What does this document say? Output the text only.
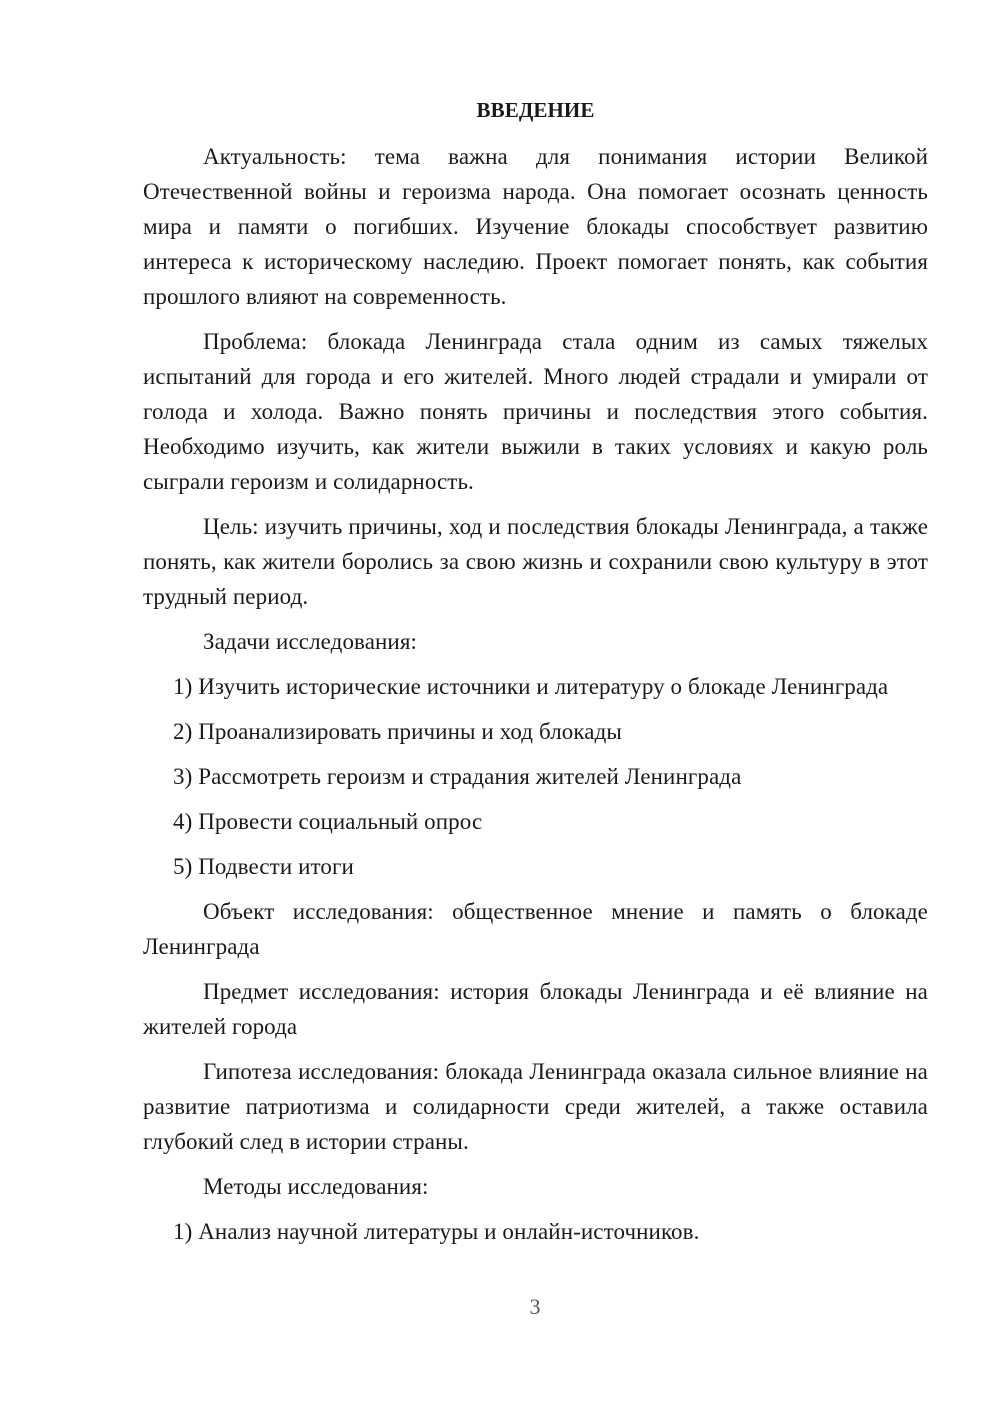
ВВЕДЕНИЕ

Актуальность: тема важна для понимания истории Великой Отечественной войны и героизма народа. Она помогает осознать ценность мира и памяти о погибших. Изучение блокады способствует развитию интереса к историческому наследию. Проект помогает понять, как события прошлого влияют на современность.

Проблема: блокада Ленинграда стала одним из самых тяжелых испытаний для города и его жителей. Много людей страдали и умирали от голода и холода. Важно понять причины и последствия этого события. Необходимо изучить, как жители выжили в таких условиях и какую роль сыграли героизм и солидарность.

Цель: изучить причины, ход и последствия блокады Ленинграда, а также понять, как жители боролись за свою жизнь и сохранили свою культуру в этот трудный период.

Задачи исследования:

1) Изучить исторические источники и литературу о блокаде Ленинграда

2) Проанализировать причины и ход блокады

3) Рассмотреть героизм и страдания жителей Ленинграда

4) Провести социальный опрос

5) Подвести итоги

Объект исследования: общественное мнение и память о блокаде Ленинграда

Предмет исследования: история блокады Ленинграда и её влияние на жителей города

Гипотеза исследования: блокада Ленинграда оказала сильное влияние на развитие патриотизма и солидарности среди жителей, а также оставила глубокий след в истории страны.

Методы исследования:

1) Анализ научной литературы и онлайн-источников.

3
